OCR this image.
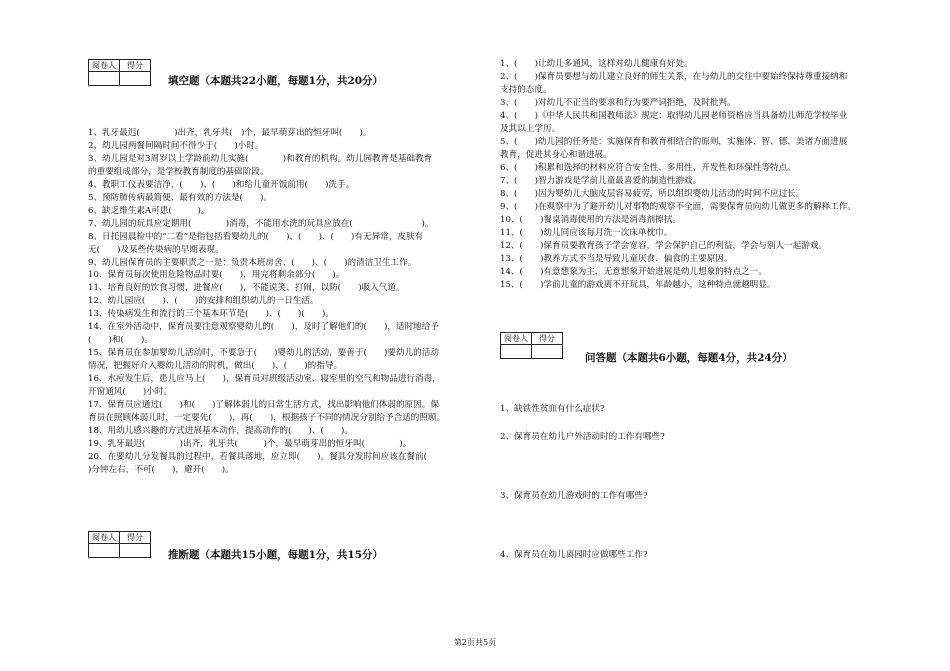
阅卷人	得分

填空题（本题共22小题，每题1分，共20分）
1、乳牙最迟(　　　　)出齐，乳牙共(　)个，最早萌芽出的恒牙叫(　　)。
2、幼儿园两餐间隔时间不得少于(　　)小时。
3、幼儿园是对3周岁以上学龄前幼儿实施(　　　　)和教育的机构。幼儿园教育是基础教育
的重要组成部分，是学校教育制度的基础阶段。
4、教职工仪表要洁净，(　　)、(　　)和给儿童开饭前用(　　)洗手。
5、预防肺传病最简便、最有效的方法是(　　)。
6、缺乏维生素A可患(　　　)。
7、幼儿园的玩具应定期用(　　　　)消毒，不能用水洗的玩具应放在(　　　　　　　　)。
8、日托园晨检中的“二看”是指包括看婴幼儿的(　　)、(　　)、(　　)有无异常，皮肤有
无(　　)及某些传染病的早期表现。
9、幼儿园保育员的主要职责之一是：负责本班房舍、(　　)、(　　)的清洁卫生工作。
10、保育员每次使用危险物品时要(　　)，用完将剩余部分(　　)。
11、培育良好的饮食习惯，进餐应(　　)，不能说笑、打闹，以防(　　)吸入气道。
12、幼儿园应(　　)、(　　)的安排和组织幼儿的一日生活。
13、传染病发生和流行的三个基本环节是(　　)、(　　)(　　)。
14、在室外活动中，保育员要注意观察婴幼儿的(　　)，及时了解他们的(　　)，适时地给予
(　　)和(　　)。
15、保育员在参加婴幼儿活动时，不要急于(　　)婴幼儿的活动，要善于(　　)要幼儿的活动
情况，把握好介入婴幼儿活动的时机，做出(　　)、(　　)的指导。
16、水痘发生后，患儿应马上(　　)，保育员对班级活动室、寝室里的空气和物品进行消毒，
开窗通风(　　)小时。
17、保育员应通过(　　)和(　　)了解体弱儿的日常生活方式，找出影响他们体弱的原因。保
育员在照顾体弱儿时，一定要先(　　)，再(　　)，根据孩子不同的情况分别给予合适的照顾。
18、用幼儿感兴趣的方式进展基本动作，提高动作的(　　)、(　　)。
19、乳牙最迟(　　　　)出齐，乳牙共(　　　)个，最早萌芽出的恒牙叫(　　　　)。
20、在要幼儿分发餐具的过程中，若餐具落地，应立即(　　)。餐具分发时间应该在餐前(
)分钟左右，不可(　　)，避开(　　)。
阅卷人	得分

推断题（本题共15小题，每题1分，共15分）
1、(　　)让幼儿多通风，这样对幼儿健康有好处。
2、(　　)保育员要想与幼儿建立良好的师生关系，在与幼儿的交往中要始终保持尊重接纳和
支持的态度。
3、(　　)对幼儿不正当的要求和行为要严词拒绝，及时批判。
4、(　　)《中华人民共和国教师法》规定：取得幼儿园老师资格应当具备幼儿师范学校毕业
及其以上学历。
5、(　　)幼儿园的任务是：实施保育和教育相结合的原则，实施体、智、德、美诸方面进展
教育，促进其身心和谐进展。
6、(　　)积累和选择的材料应符合安全性、多用性、开发性和环保性等特点。
7、(　　)智力游戏是学前儿童最喜爱的制造性游戏。
8、(　　)因为婴幼儿大脑皮层容易疲劳，所以组织婴幼儿活动的时间不应过长。
9、(　　)在观察中为了避开幼儿对事物的观察不全面，需要保育员向幼儿做更多的解释工作。
10、(　　)餐桌消毒使用的方法是消毒剂擦拭。
11、(　　)幼儿同应该每月洗一次床单枕巾。
12、(　　)保育员要教育孩子学会宽容，学会保护自己的利益，学会与别人一起游戏。
13、(　　)教养方式不当是导致儿童厌食、偏食的主要原因。
14、(　　)有意想象为主，无意想象开始进展是幼儿想象的特点之一。
15、(　　)学前儿童的游戏离不开玩具，年龄越小，这种特点就越明显。
阅卷人	得分

问答题（本题共6小题，每题4分，共24分）
1、缺铁性贫血有什么症状?
2、保育员在幼儿户外活动时的工作有哪些?
3、保育员在幼儿游戏时的工作有哪些?
4、保育员在幼儿离园时应做哪些工作?
第2页共5页
